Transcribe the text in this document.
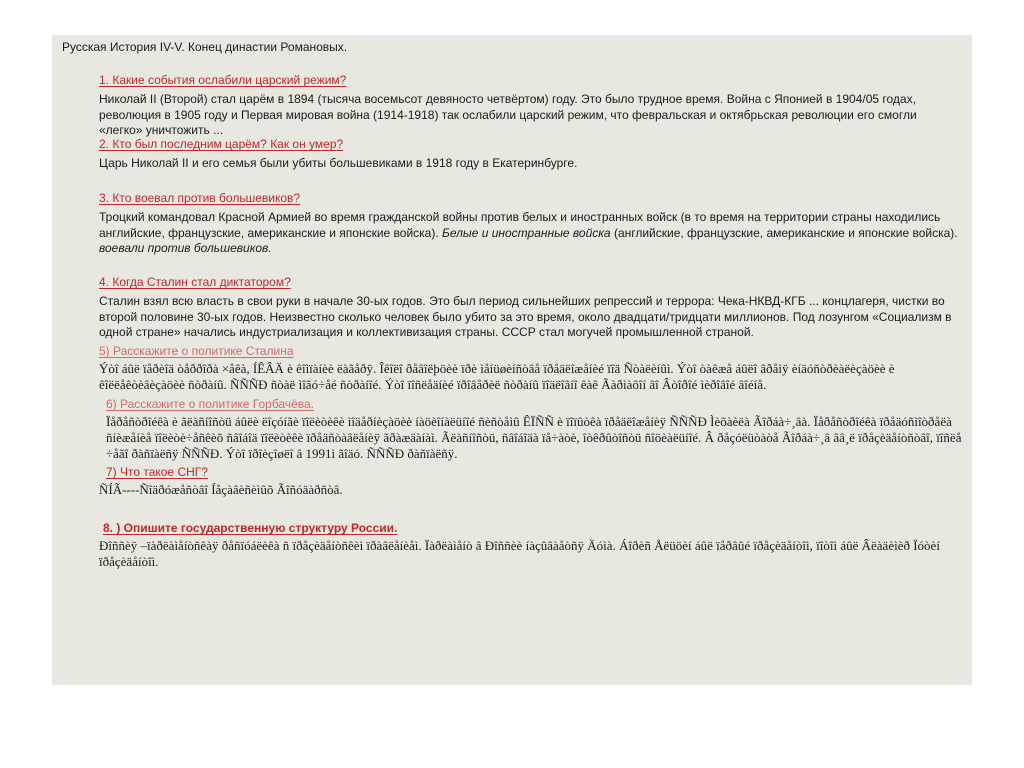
Русская История IV-V. Конец династии Романовых.

1. Какие события ослабили царский режим?

Николай II (Второй) стал царём в 1894 (тысяча восемьсот девяносто четвёртом) году. Это было трудное время. Война с Японией в 1904/05 годах, революция в 1905 году и Первая мировая война (1914-1918) так ослабили царский режим, что февральская и октябрьская революции его смогли «легко» уничтожить ...

2. Кто был последним царём? Как он умер?

Царь Николай II и его семья были убиты большевиками в 1918 году в Екатеринбурге.

3. Кто воевал против большевиков?

Троцкий командовал Красной Армией во время гражданской войны против белых и иностранных войск (в то время на территории страны находились английские, французские, американские и японские войска). Белые и иностранные войска (английские, французские, американские и японские войска). воевали против большевиков.

4. Когда Сталин стал диктатором?

Сталин взял всю власть в свои руки в начале 30-ых годов. Это был период сильнейших репрессий и террора: Чека-НКВД-КГБ ... концлагеря, чистки во второй половине 30-ых годов. Неизвестно сколько человек было убито за это время, около двадцати/тридцати миллионов. Под лозунгом «Социализм в одной стране» начались индустриализация и коллективизация страны. СССР стал могучей промышленной страной.

5) Расскажите о политике Сталина

Ýòî áûë ïåðèîä òåððîðà ×åêà, ÍÊÂÄ è êîìïàíèè ëàãåðÿ. Îêîëî ðåâîëþöèè ïðè ìåíüøèíñòâå ïðåäëîæåíèé ïîä Ñòàëèíûì. Ýòî òàêæå áûëî âðåìÿ èíäóñòðèàëèçàöèè è êîëëåêòèâèçàöèè ñòðàíû. ÑÑÑÐ ñòàë ìîãó÷åé ñòðàíîé. Ýòî ïîñëåäíèé ïðîâåðèë ñòðàíû ïîäëîãíî êàê Ãàðìàôîí âî Âòîðîé ìèðîâîé âîéíå.

6) Расскажите о политике Горбачёва.

Ïåðåñòðîéêà è ãëàñíîñòü áûëè ëîçóíãè ïîëèòèêè ìîäåðíèçàöèè íàöèîíàëüíîé ñèñòåìû ÊÏÑÑ è ïîïûòêà ïðåäëîæåíèÿ ÑÑÑÐ Ìèõàèëà Ãîðáà÷¸âà. Ïåðåñòðîéêà ïðåäóñìîòðåëà ñíèæåíèå ïîëèòè÷åñêèõ ñâîáîä ïîëèòèêè ïðåäñòàâëåíèÿ ãðàæäàíàì. Ãëàñíîñòü, ñâîáîäà ïå÷àòè, îòêðûòîñòü ñîöèàëüíîé. Â ðåçóëüòàòå Ãîðáà÷¸â ââ¸ë ïðåçèäåíòñòâî, ïîñëå ÷åãî ðàñïàëñÿ ÑÑÑÐ. Ýòî ïðîèçîøëî â 1991ì ãîäó. ÑÑÑÐ ðàñïàëñÿ.

7) Что такое СНГ?

ÑÍÃ----Ñîäðóæåñòâî Íåçàâèñèìûõ Ãîñóäàðñòâ.

8. ) Опишите государственную структуру России.

Ðîññèÿ –ïàðëàìåíòñêàÿ ðåñïóáëèêà ñ ïðåçèäåíòñêèì ïðàâëåíèåì. Ïàðëàìåíò â Ðîññèè íàçûâàåòñÿ Äóìà. Áîðèñ Åëüöèí áûë ïåðâûé ïðåçèäåíòîì, ïîòîì áûë Âëàäèìèð Ïóòèí ïðåçèäåíòîì.
